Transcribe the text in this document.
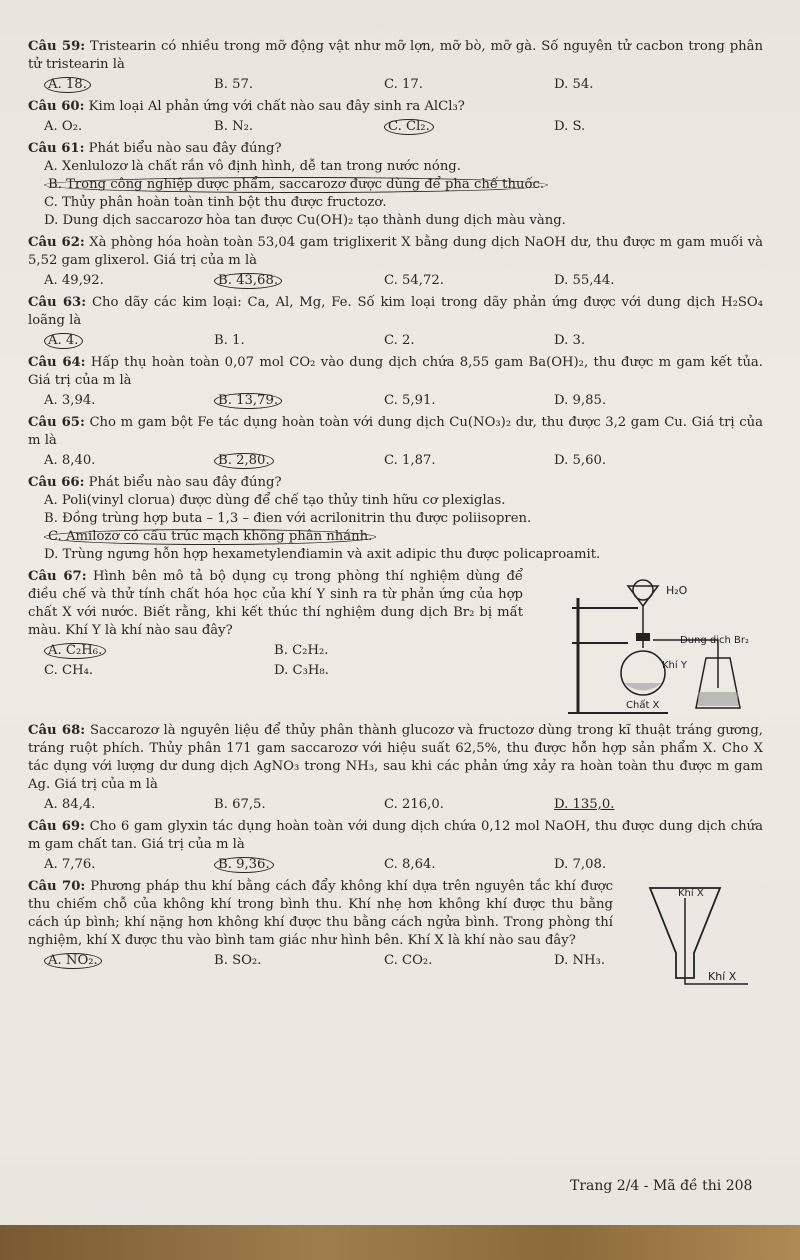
Câu 59: Tristearin có nhiều trong mỡ động vật như mỡ lợn, mỡ bò, mỡ gà. Số nguyên tử cacbon trong phân tử tristearin là
A. 18.	B. 57.	C. 17.	D. 54.
Câu 60: Kim loại Al phản ứng với chất nào sau đây sinh ra AlCl₃?
A. O₂.	B. N₂.	C. Cl₂.	D. S.
Câu 61: Phát biểu nào sau đây đúng?
A. Xenlulozơ là chất rắn vô định hình, dễ tan trong nước nóng.
B. Trong công nghiệp dược phẩm, saccarozơ được dùng để pha chế thuốc.
C. Thủy phân hoàn toàn tinh bột thu được fructozơ.
D. Dung dịch saccarozơ hòa tan được Cu(OH)₂ tạo thành dung dịch màu vàng.
Câu 62: Xà phòng hóa hoàn toàn 53,04 gam triglixerit X bằng dung dịch NaOH dư, thu được m gam muối và 5,52 gam glixerol. Giá trị của m là
A. 49,92.	B. 43,68.	C. 54,72.	D. 55,44.
Câu 63: Cho dãy các kim loại: Ca, Al, Mg, Fe. Số kim loại trong dãy phản ứng được với dung dịch H₂SO₄ loãng là
A. 4.	B. 1.	C. 2.	D. 3.
Câu 64: Hấp thụ hoàn toàn 0,07 mol CO₂ vào dung dịch chứa 8,55 gam Ba(OH)₂, thu được m gam kết tủa. Giá trị của m là
A. 3,94.	B. 13,79.	C. 5,91.	D. 9,85.
Câu 65: Cho m gam bột Fe tác dụng hoàn toàn với dung dịch Cu(NO₃)₂ dư, thu được 3,2 gam Cu. Giá trị của m là
A. 8,40.	B. 2,80.	C. 1,87.	D. 5,60.
Câu 66: Phát biểu nào sau đây đúng?
A. Poli(vinyl clorua) được dùng để chế tạo thủy tinh hữu cơ plexiglas.
B. Đồng trùng hợp buta – 1,3 – đien với acrilonitrin thu được poliisopren.
C. Amilozơ có cấu trúc mạch không phân nhánh.
D. Trùng ngưng hỗn hợp hexametylenđiamin và axit adipic thu được policaproamit.
Câu 67: Hình bên mô tả bộ dụng cụ trong phòng thí nghiệm dùng để điều chế và thử tính chất hóa học của khí Y sinh ra từ phản ứng của hợp chất X với nước. Biết rằng, khi kết thúc thí nghiệm dung dịch Br₂ bị mất màu. Khí Y là khí nào sau đây?
A. C₂H₆.	B. C₂H₂.
C. CH₄.	D. C₃H₈.
H₂O
Dung dịch Br₂
Khí Y
Chất X
Câu 68: Saccarozơ là nguyên liệu để thủy phân thành glucozơ và fructozơ dùng trong kĩ thuật tráng gương, tráng ruột phích. Thủy phân 171 gam saccarozơ với hiệu suất 62,5%, thu được hỗn hợp sản phẩm X. Cho X tác dụng với lượng dư dung dịch AgNO₃ trong NH₃, sau khi các phản ứng xảy ra hoàn toàn thu được m gam Ag. Giá trị của m là
A. 84,4.	B. 67,5.	C. 216,0.	D. 135,0.
Câu 69: Cho 6 gam glyxin tác dụng hoàn toàn với dung dịch chứa 0,12 mol NaOH, thu được dung dịch chứa m gam chất tan. Giá trị của m là
A. 7,76.	B. 9,36.	C. 8,64.	D. 7,08.
Câu 70: Phương pháp thu khí bằng cách đẩy không khí dựa trên nguyên tắc khí được thu chiếm chỗ của không khí trong bình thu. Khí nhẹ hơn không khí được thu bằng cách úp bình; khí nặng hơn không khí được thu bằng cách ngửa bình. Trong phòng thí nghiệm, khí X được thu vào bình tam giác như hình bên. Khí X là khí nào sau đây?
A. NO₂.	B. SO₂.	C. CO₂.	D. NH₃.
Khí X
Khí X
Trang 2/4 - Mã đề thi 208
